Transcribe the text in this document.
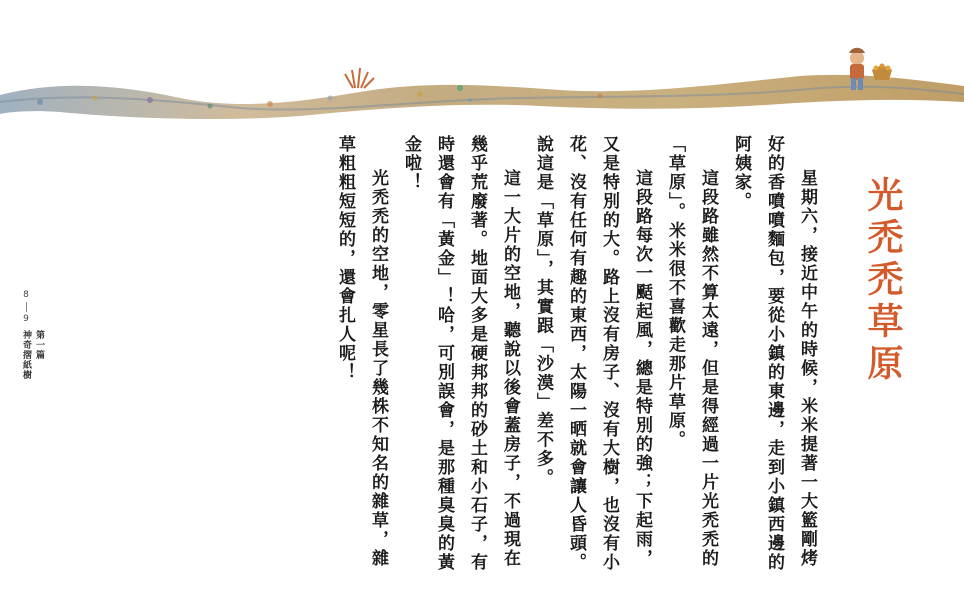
光禿禿草原

星期六，接近中午的時候，米米提著一大籃剛烤好的香噴噴麵包，要從小鎮的東邊，走到小鎮西邊的阿姨家。
這段路雖然不算太遠，但是得經過一片光禿禿的「草原」。米米很不喜歡走那片草原。
這段路每次一颳起風，總是特別的強；下起雨，又是特別的大。路上沒有房子、沒有大樹，也沒有小花、沒有任何有趣的東西，太陽一晒就會讓人昏頭。
說這是「草原」，其實跟「沙漠」差不多。
這一大片的空地，聽說以後會蓋房子，不過現在幾乎荒廢著。地面大多是硬邦邦的砂土和小石子，有時還會有「黃金」！哈，可別誤會，是那種臭臭的黃金啦！
光禿禿的空地，零星長了幾株不知名的雜草，雜草粗粗短短的，還會扎人呢！

8
9
第一篇
神奇摺紙樹
